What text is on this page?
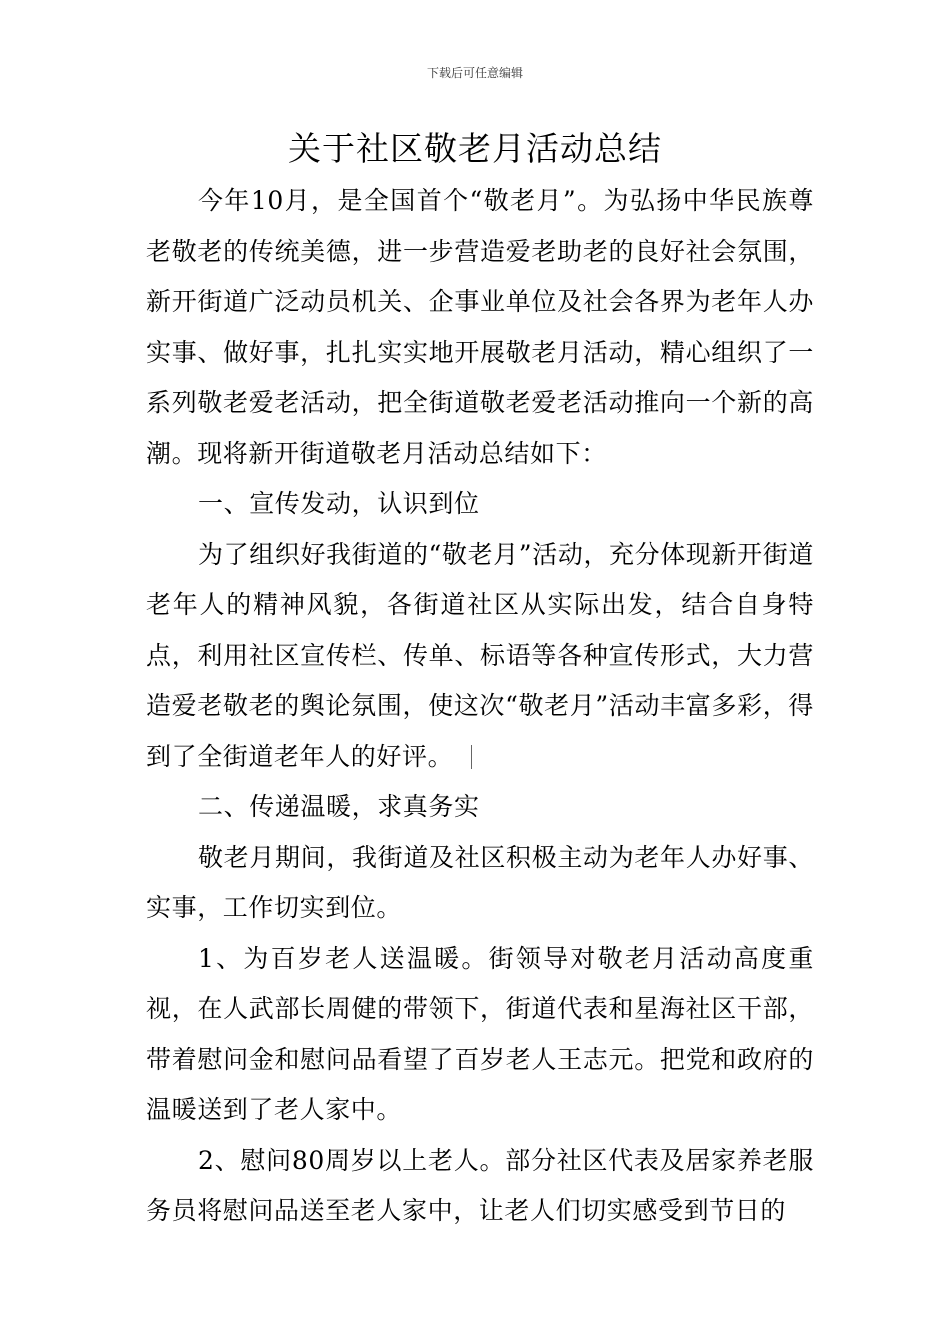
下载后可任意编辑
关于社区敬老月活动总结

今年10月，是全国首个“敬老月”。为弘扬中华民族尊老敬老的传统美德，进一步营造爱老助老的良好社会氛围，新开街道广泛动员机关、企事业单位及社会各界为老年人办实事、做好事，扎扎实实地开展敬老月活动，精心组织了一系列敬老爱老活动，把全街道敬老爱老活动推向一个新的高潮。现将新开街道敬老月活动总结如下：

一、宣传发动，认识到位

为了组织好我街道的“敬老月”活动，充分体现新开街道老年人的精神风貌，各街道社区从实际出发，结合自身特点，利用社区宣传栏、传单、标语等各种宣传形式，大力营造爱老敬老的舆论氛围，使这次“敬老月”活动丰富多彩，得到了全街道老年人的好评。

二、传递温暖，求真务实

敬老月期间，我街道及社区积极主动为老年人办好事、实事，工作切实到位。

1、为百岁老人送温暖。街领导对敬老月活动高度重视，在人武部长周健的带领下，街道代表和星海社区干部，带着慰问金和慰问品看望了百岁老人王志元。把党和政府的温暖送到了老人家中。

2、慰问80周岁以上老人。部分社区代表及居家养老服务员将慰问品送至老人家中，让老人们切实感受到节日的
